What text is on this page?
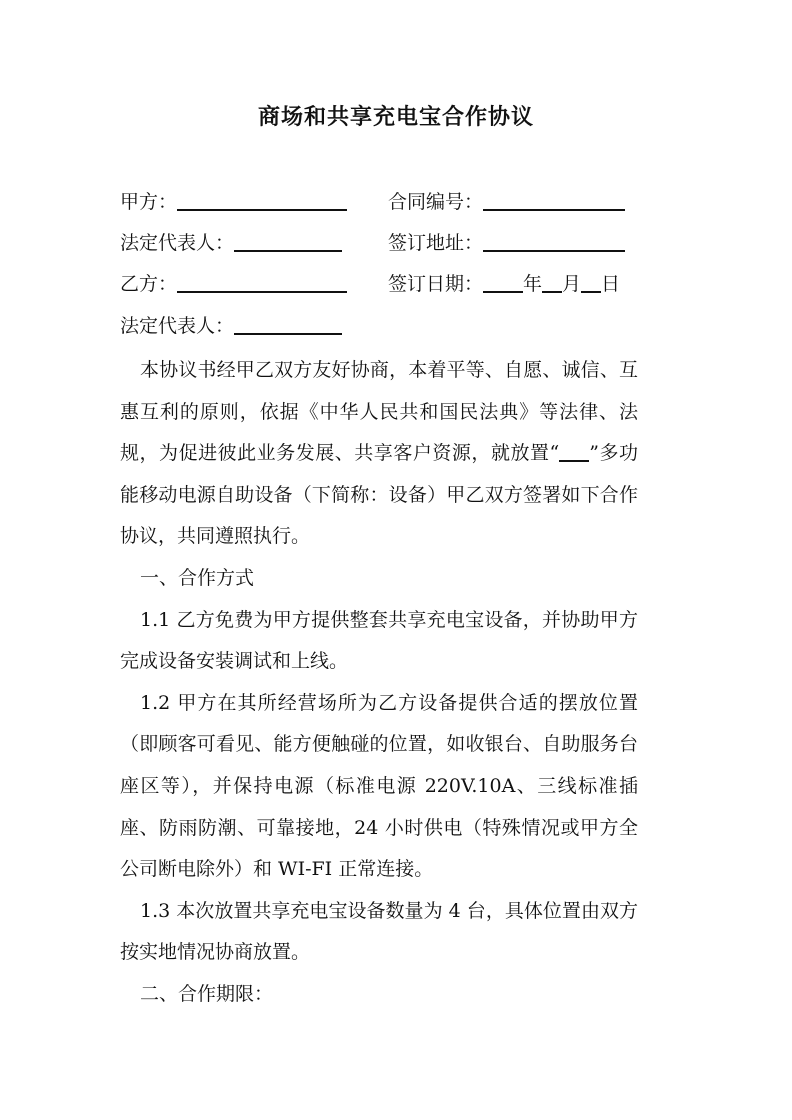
商场和共享充电宝合作协议
甲方：	合同编号：
法定代表人：	签订地址：
乙方：	签订日期： 年 月 日
法定代表人：

本协议书经甲乙双方友好协商，本着平等、自愿、诚信、互惠互利的原则，依据《中华人民共和国民法典》等法律、法规，为促进彼此业务发展、共享客户资源，就放置“ ”多功能移动电源自助设备（下简称：设备）甲乙双方签署如下合作协议，共同遵照执行。

一、合作方式

1.1 乙方免费为甲方提供整套共享充电宝设备，并协助甲方完成设备安装调试和上线。

1.2 甲方在其所经营场所为乙方设备提供合适的摆放位置（即顾客可看见、能方便触碰的位置，如收银台、自助服务台座区等），并保持电源（标准电源 220V.10A、三线标准插座、防雨防潮、可靠接地，24 小时供电（特殊情况或甲方全公司断电除外）和 WI-FI 正常连接。

1.3 本次放置共享充电宝设备数量为 4 台，具体位置由双方按实地情况协商放置。

二、合作期限：
